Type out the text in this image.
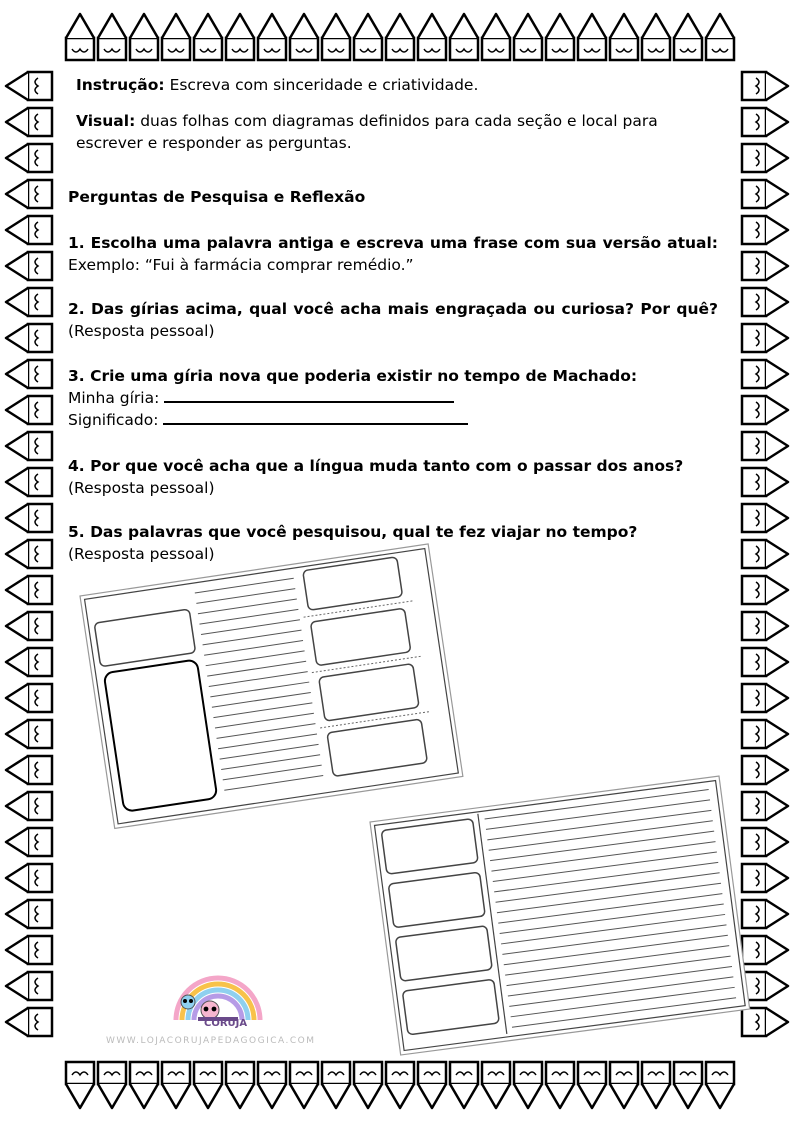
Instrução: Escreva com sinceridade e criatividade.
Visual: duas folhas com diagramas definidos para cada seção e local para escrever e responder as perguntas.
Perguntas de Pesquisa e Reflexão
1. Escolha uma palavra antiga e escreva uma frase com sua versão atual: Exemplo: “Fui à farmácia comprar remédio.”
2. Das gírias acima, qual você acha mais engraçada ou curiosa? Por quê? (Resposta pessoal)
3. Crie uma gíria nova que poderia existir no tempo de Machado:
Minha gíria:
Significado:
4. Por que você acha que a língua muda tanto com o passar dos anos?
(Resposta pessoal)
5. Das palavras que você pesquisou, qual te fez viajar no tempo?
(Resposta pessoal)
CORUJA
WWW.LOJACORUJAPEDAGOGICA.COM
